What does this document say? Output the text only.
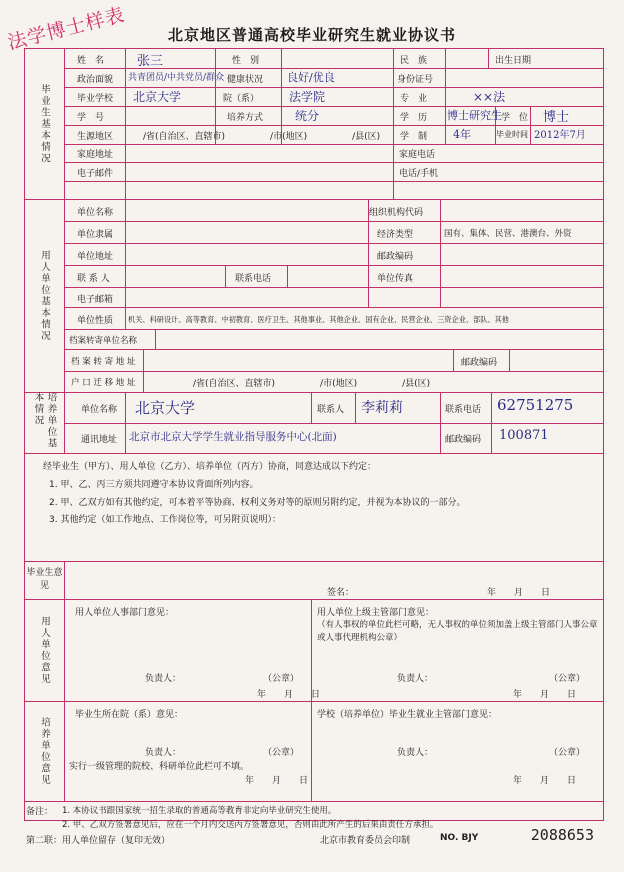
法学博士样表	北京地区普通高校毕业研究生就业协议书
毕业生基本情况
姓　名	张三	性　别	民　族	出生日期
政治面貌 共青团员/中共党员/群众 健康状况 良好/优良	身份证号
毕业学校 北京大学	院（系） 法学院	专　业	××法
学　号	培养方式	统分	学　历 博士研究生 学　位 博士
生源地区	/省(自治区、直辖市)　　　　　/市(地区)　　　　　/县(区) 学　制 4年	毕业时间 2012年7月
家庭地址	家庭电话
电子邮件	电话/手机
用人单位基本情况
单位名称	组织机构代码
单位隶属	经济类型	国有、集体、民营、港澳台、外资
单位地址	邮政编码
联 系 人	联系电话	单位传真
电子邮箱
单位性质 机关、科研设计、高等教育、中初教育、医疗卫生、其他事业、其他企业、国有企业、民营企业、三资企业、部队、其他
档案转寄单位名称
档 案 转 寄 地 址	邮政编码
户 口 迁 移 地 址	/省(自治区、直辖市)　　　　　/市(地区)　　　　　/县(区)
培养单位基本情况	单位名称 北京大学	联系人 李莉莉	联系电话 62751275
通讯地址 北京市北京大学学生就业指导服务中心(北面)	邮政编码 100871
经毕业生（甲方）、用人单位（乙方）、培养单位（丙方）协商，同意达成以下约定：
1. 甲、乙、丙三方须共同遵守本协议背面所列内容。
2. 甲、乙双方如有其他约定，可本着平等协商、权利义务对等的原则另附约定，并视为本协议的一部分。
3. 其他约定（如工作地点、工作岗位等，可另附页说明）：
毕业生意见
签名：	年　　月　　日
用人单位意见
用人单位人事部门意见：	用人单位上级主管部门意见：
（有人事权的单位此栏可略，无人事权的单位须加盖上级主管部门人事公章或人事代理机构公章）
负责人：	（公章）
年　　月　　日
负责人：	（公章）
年　　月　　日
培养单位意见
毕业生所在院（系）意见：	学校（培养单位）毕业生就业主管部门意见：
负责人：	（公章）
实行一级管理的院校、科研单位此栏可不填。
年　　月　　日
负责人：	（公章）
年　　月　　日
备注： 1. 本协议书跟国家统一招生录取的普通高等教育非定向毕业研究生使用。
2. 甲、乙双方签署意见后，应在一个月内交送丙方签署意见，否则由此所产生的后果由责任方承担。
第二联：用人单位留存（复印无效）	北京市教育委员会印制	NO. BJY	2088653
